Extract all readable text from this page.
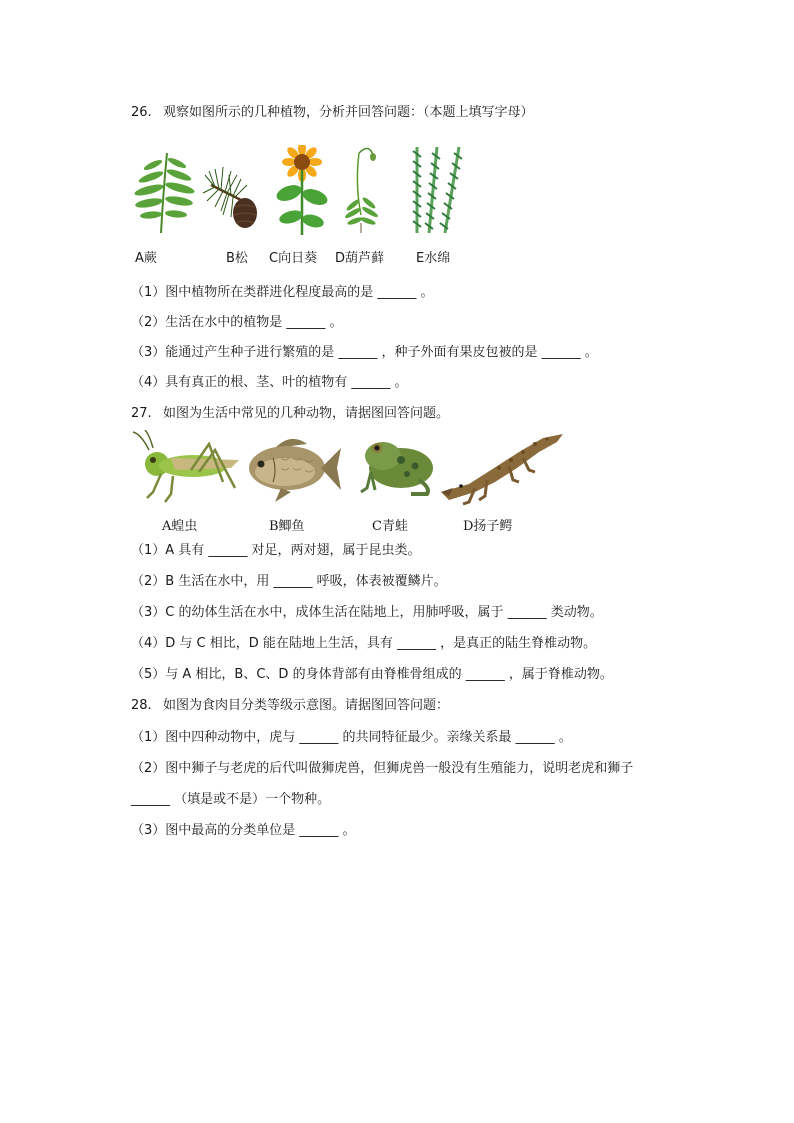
26. 观察如图所示的几种植物，分析并回答问题：（本题上填写字母）
A蕨	B松 C向日葵 D葫芦藓 E水绵
（1）图中植物所在类群进化程度最高的是 ______ 。
（2）生活在水中的植物是 ______ 。
（3）能通过产生种子进行繁殖的是 ______ ，种子外面有果皮包被的是 ______ 。
（4）具有真正的根、茎、叶的植物有 ______ 。
27. 如图为生活中常见的几种动物，请据图回答问题。
A蝗虫	B鲫鱼	C青蛙	D扬子鳄
（1）A 具有 ______ 对足，两对翅，属于昆虫类。
（2）B 生活在水中，用 ______ 呼吸，体表被覆鳞片。
（3）C 的幼体生活在水中，成体生活在陆地上，用肺呼吸，属于 ______ 类动物。
（4）D 与 C 相比，D 能在陆地上生活，具有 ______ ，是真正的陆生脊椎动物。
（5）与 A 相比，B、C、D 的身体背部有由脊椎骨组成的 ______ ，属于脊椎动物。
28. 如图为食肉目分类等级示意图。请据图回答问题：
（1）图中四种动物中，虎与 ______ 的共同特征最少。亲缘关系最 ______ 。
（2）图中狮子与老虎的后代叫做狮虎兽，但狮虎兽一般没有生殖能力，说明老虎和狮子
______ （填是或不是）一个物种。
（3）图中最高的分类单位是 ______ 。
